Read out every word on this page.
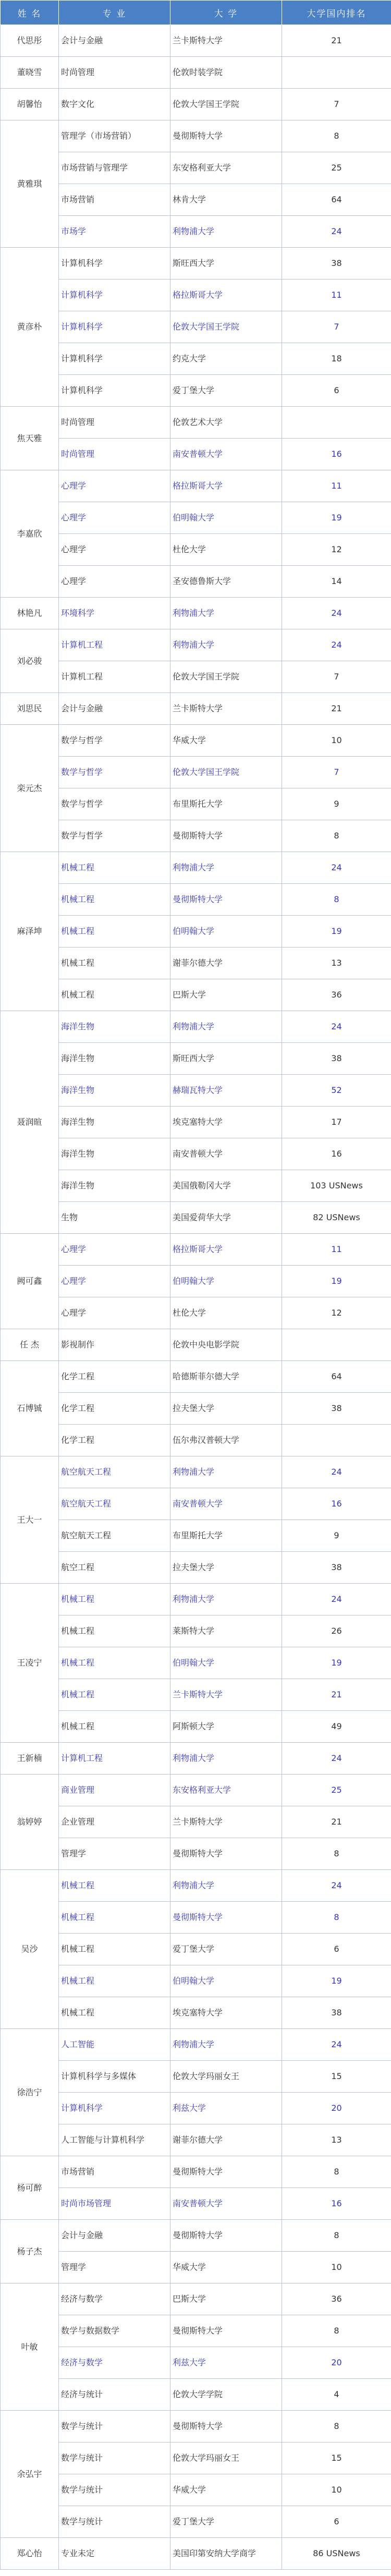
姓 名	专 业	大 学	大学国内排名
代思彤	会计与金融	兰卡斯特大学	21
董晓雪	时尚管理	伦敦时装学院	
胡馨怡	数字文化	伦敦大学国王学院	7
黄雅琪	管理学（市场营销）	曼彻斯特大学	8
	市场营销与管理学	东安格利亚大学	25
	市场营销	林肯大学	64
	市场学	利物浦大学	24
黄彦朴	计算机科学	斯旺西大学	38
	计算机科学	格拉斯哥大学	11
	计算机科学	伦敦大学国王学院	7
	计算机科学	约克大学	18
	计算机科学	爱丁堡大学	6
焦天雅	时尚管理	伦敦艺术大学	
	时尚管理	南安普顿大学	16
李嘉欣	心理学	格拉斯哥大学	11
	心理学	伯明翰大学	19
	心理学	杜伦大学	12
	心理学	圣安德鲁斯大学	14
林艳凡	环境科学	利物浦大学	24
刘必骏	计算机工程	利物浦大学	24
	计算机工程	伦敦大学国王学院	7
刘思民	会计与金融	兰卡斯特大学	21
栾元杰	数学与哲学	华威大学	10
	数学与哲学	伦敦大学国王学院	7
	数学与哲学	布里斯托大学	9
	数学与哲学	曼彻斯特大学	8
麻泽坤	机械工程	利物浦大学	24
	机械工程	曼彻斯特大学	8
	机械工程	伯明翰大学	19
	机械工程	谢菲尔德大学	13
	机械工程	巴斯大学	36
聂润暄	海洋生物	利物浦大学	24
	海洋生物	斯旺西大学	38
	海洋生物	赫瑞瓦特大学	52
	海洋生物	埃克塞特大学	17
	海洋生物	南安普顿大学	16
	海洋生物	美国俄勒冈大学	103 USNews
	生物	美国爱荷华大学	82 USNews
阙可鑫	心理学	格拉斯哥大学	11
	心理学	伯明翰大学	19
	心理学	杜伦大学	12
任 杰	影视制作	伦敦中央电影学院	
石博铖	化学工程	哈德斯菲尔德大学	64
	化学工程	拉夫堡大学	38
	化学工程	伍尔弗汉普顿大学	
王大一	航空航天工程	利物浦大学	24
	航空航天工程	南安普顿大学	16
	航空航天工程	布里斯托大学	9
	航空工程	拉夫堡大学	38
王凌宁	机械工程	利物浦大学	24
	机械工程	莱斯特大学	26
	机械工程	伯明翰大学	19
	机械工程	兰卡斯特大学	21
	机械工程	阿斯顿大学	49
王新楠	计算机工程	利物浦大学	24
翁婷婷	商业管理	东安格利亚大学	25
	企业管理	兰卡斯特大学	21
	管理学	曼彻斯特大学	8
吴沙	机械工程	利物浦大学	24
	机械工程	曼彻斯特大学	8
	机械工程	爱丁堡大学	6
	机械工程	伯明翰大学	19
	机械工程	埃克塞特大学	38
徐浩宁	人工智能	利物浦大学	24
	计算机科学与多媒体	伦敦大学玛丽女王	15
	计算机科学	利兹大学	20
	人工智能与计算机科学	谢菲尔德大学	13
杨可醉	市场营销	曼彻斯特大学	8
	时尚市场管理	南安普顿大学	16
杨子杰	会计与金融	曼彻斯特大学	8
	管理学	华威大学	10
叶敏	经济与数学	巴斯大学	36
	数学与数据数学	曼彻斯特大学	8
	经济与数学	利兹大学	20
	经济与统计	伦敦大学学院	4
余弘宇	数学与统计	曼彻斯特大学	8
	数学与统计	伦敦大学玛丽女王	15
	数学与统计	华威大学	10
	数学与统计	爱丁堡大学	6
郑心怡	专业未定	美国印第安纳大学商学	86 USNews
